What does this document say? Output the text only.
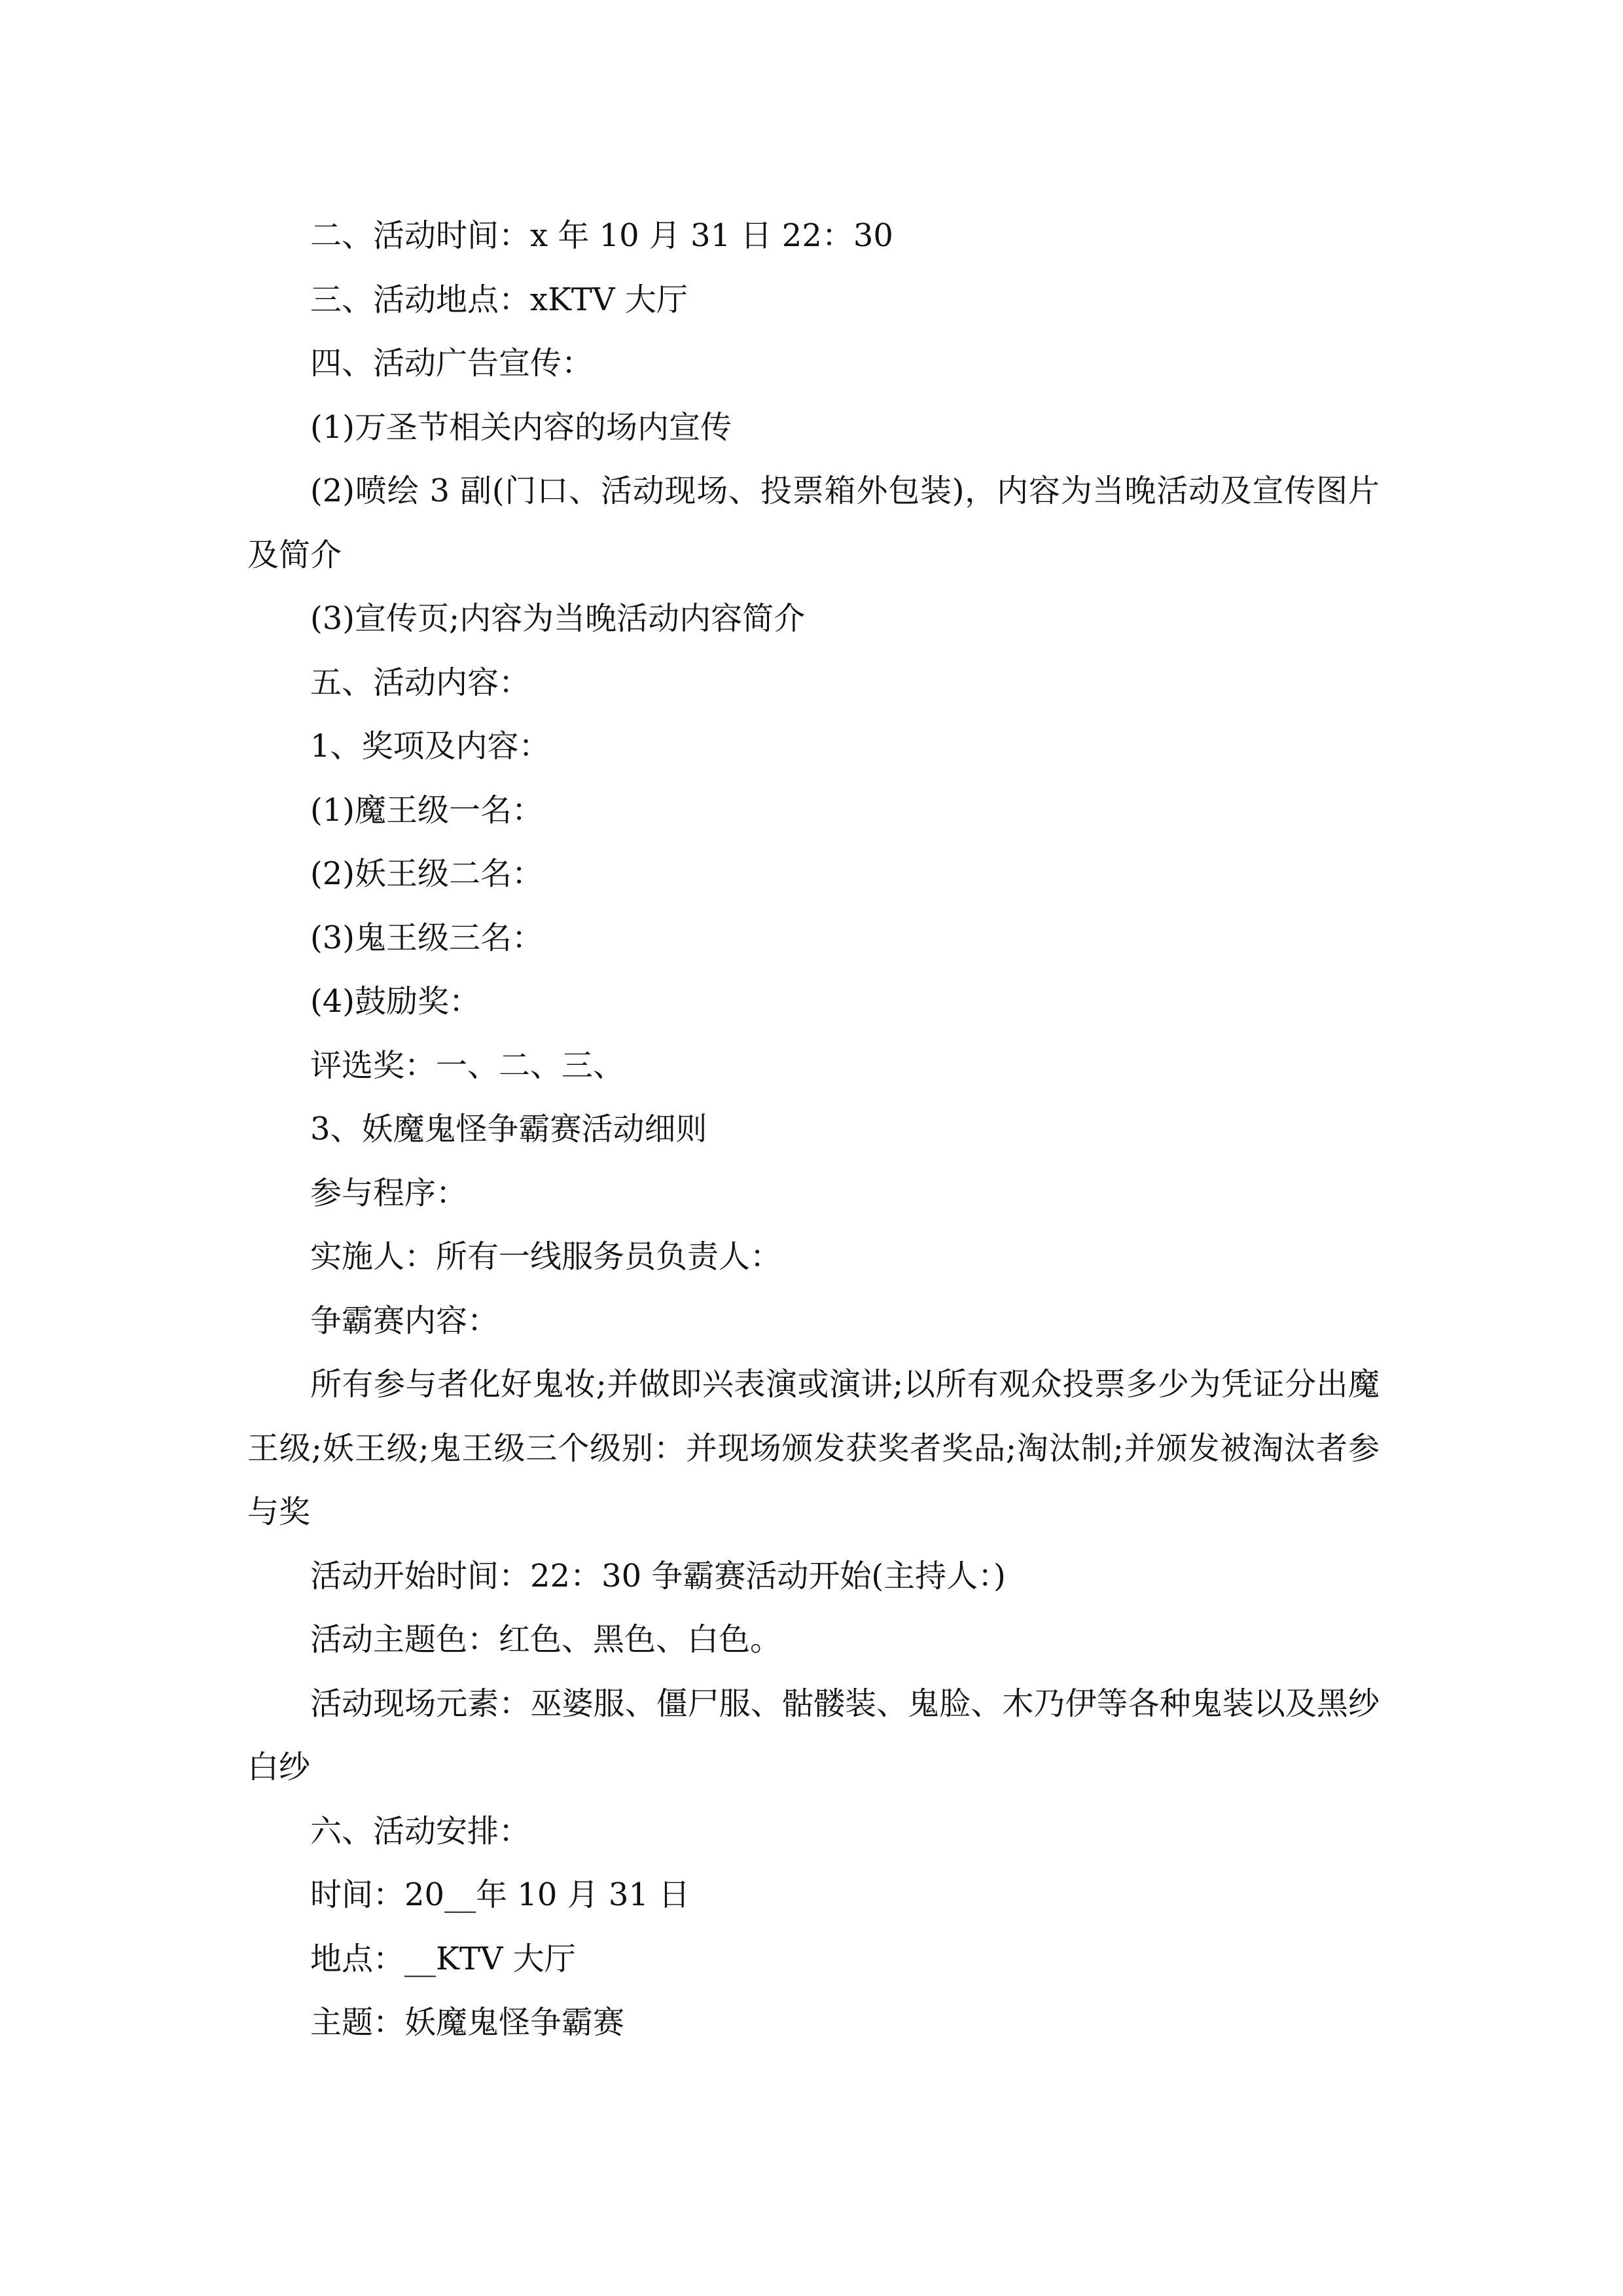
二、活动时间：x 年 10 月 31 日 22：30

三、活动地点：xKTV 大厅

四、活动广告宣传：

(1)万圣节相关内容的场内宣传

(2)喷绘 3 副(门口、活动现场、投票箱外包装)，内容为当晚活动及宣传图片及简介

(3)宣传页;内容为当晚活动内容简介

五、活动内容：

1、奖项及内容：

(1)魔王级一名：

(2)妖王级二名：

(3)鬼王级三名：

(4)鼓励奖：

评选奖：一、二、三、

3、妖魔鬼怪争霸赛活动细则

参与程序：

实施人：所有一线服务员负责人：

争霸赛内容：

所有参与者化好鬼妆;并做即兴表演或演讲;以所有观众投票多少为凭证分出魔王级;妖王级;鬼王级三个级别：并现场颁发获奖者奖品;淘汰制;并颁发被淘汰者参与奖

活动开始时间：22：30 争霸赛活动开始(主持人：)

活动主题色：红色、黑色、白色。

活动现场元素：巫婆服、僵尸服、骷髅装、鬼脸、木乃伊等各种鬼装以及黑纱白纱

六、活动安排：

时间：20__年 10 月 31 日

地点：__KTV 大厅

主题：妖魔鬼怪争霸赛
